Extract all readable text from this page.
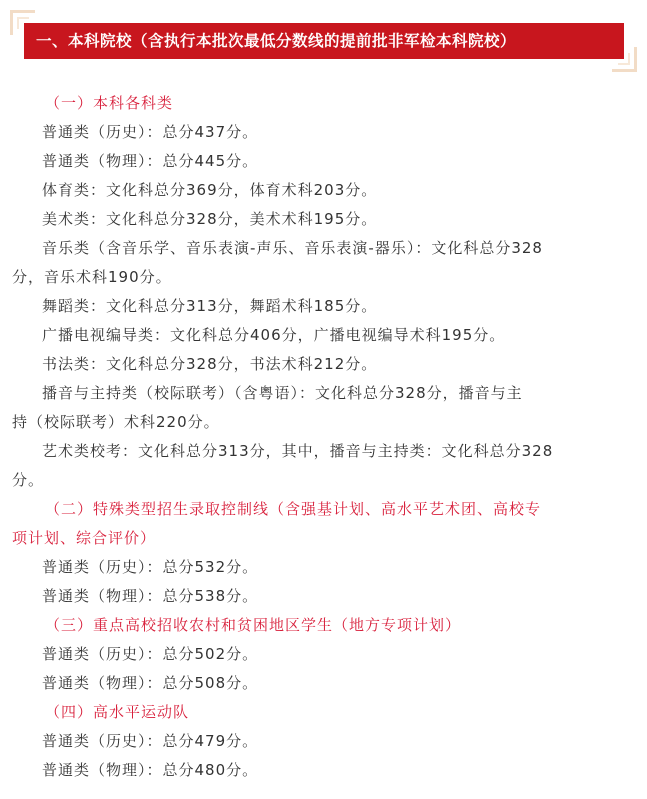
一、本科院校（含执行本批次最低分数线的提前批非军检本科院校）
（一）本科各科类
普通类（历史）：总分437分。
普通类（物理）：总分445分。
体育类：文化科总分369分，体育术科203分。
美术类：文化科总分328分，美术术科195分。
音乐类（含音乐学、音乐表演-声乐、音乐表演-器乐）：文化科总分328
分，音乐术科190分。
舞蹈类：文化科总分313分，舞蹈术科185分。
广播电视编导类：文化科总分406分，广播电视编导术科195分。
书法类：文化科总分328分，书法术科212分。
播音与主持类（校际联考）（含粤语）：文化科总分328分，播音与主
持（校际联考）术科220分。
艺术类校考：文化科总分313分，其中，播音与主持类：文化科总分328
分。
（二）特殊类型招生录取控制线（含强基计划、高水平艺术团、高校专
项计划、综合评价）
普通类（历史）：总分532分。
普通类（物理）：总分538分。
（三）重点高校招收农村和贫困地区学生（地方专项计划）
普通类（历史）：总分502分。
普通类（物理）：总分508分。
（四）高水平运动队
普通类（历史）：总分479分。
普通类（物理）：总分480分。
